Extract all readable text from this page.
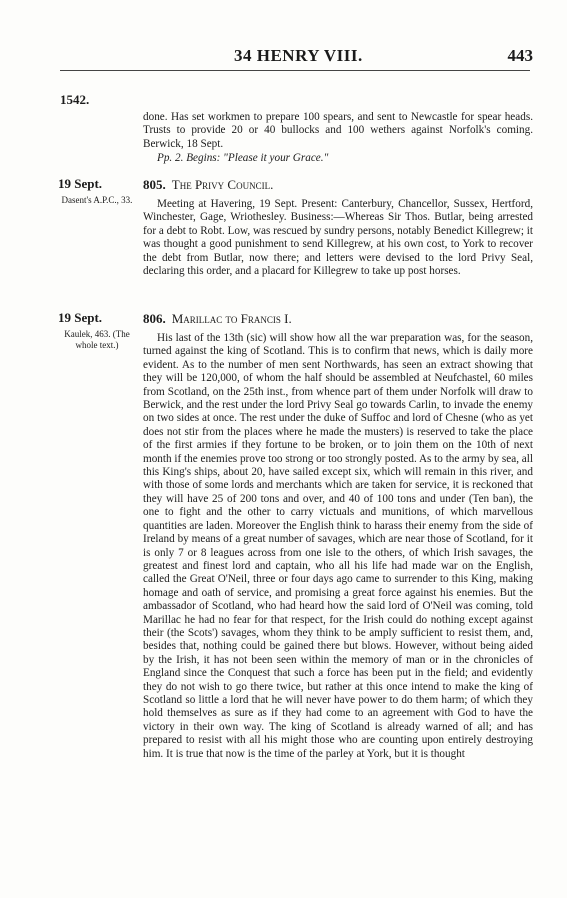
34 HENRY VIII.	443
1542.

done. Has set workmen to prepare 100 spears, and sent to Newcastle for spear heads. Trusts to provide 20 or 40 bullocks and 100 wethers against Norfolk's coming. Berwick, 18 Sept.

Pp. 2. Begins: "Please it your Grace."

19 Sept.
Dasent's A.P.C., 33.
805. The Privy Council.

Meeting at Havering, 19 Sept. Present: Canterbury, Chancellor, Sussex, Hertford, Winchester, Gage, Wriothesley. Business:—Whereas Sir Thos. Butlar, being arrested for a debt to Robt. Low, was rescued by sundry persons, notably Benedict Killegrew; it was thought a good punishment to send Killegrew, at his own cost, to York to recover the debt from Butlar, now there; and letters were devised to the lord Privy Seal, declaring this order, and a placard for Killegrew to take up post horses.

19 Sept.
Kaulek, 463. (The whole text.)
806. Marillac to Francis I.

His last of the 13th (sic) will show how all the war preparation was, for the season, turned against the king of Scotland. This is to confirm that news, which is daily more evident. As to the number of men sent Northwards, has seen an extract showing that they will be 120,000, of whom the half should be assembled at Neufchastel, 60 miles from Scotland, on the 25th inst., from whence part of them under Norfolk will draw to Berwick, and the rest under the lord Privy Seal go towards Carlin, to invade the enemy on two sides at once. The rest under the duke of Suffoc and lord of Chesne (who as yet does not stir from the places where he made the musters) is reserved to take the place of the first armies if they fortune to be broken, or to join them on the 10th of next month if the enemies prove too strong or too strongly posted. As to the army by sea, all this King's ships, about 20, have sailed except six, which will remain in this river, and with those of some lords and merchants which are taken for service, it is reckoned that they will have 25 of 200 tons and over, and 40 of 100 tons and under (Ten ban), the one to fight and the other to carry victuals and munitions, of which marvellous quantities are laden. Moreover the English think to harass their enemy from the side of Ireland by means of a great number of savages, which are near those of Scotland, for it is only 7 or 8 leagues across from one isle to the others, of which Irish savages, the greatest and finest lord and captain, who all his life had made war on the English, called the Great O'Neil, three or four days ago came to surrender to this King, making homage and oath of service, and promising a great force against his enemies. But the ambassador of Scotland, who had heard how the said lord of O'Neil was coming, told Marillac he had no fear for that respect, for the Irish could do nothing except against their (the Scots') savages, whom they think to be amply sufficient to resist them, and, besides that, nothing could be gained there but blows. However, without being aided by the Irish, it has not been seen within the memory of man or in the chronicles of England since the Conquest that such a force has been put in the field; and evidently they do not wish to go there twice, but rather at this once intend to make the king of Scotland so little a lord that he will never have power to do them harm; of which they hold themselves as sure as if they had come to an agreement with God to have the victory in their own way. The king of Scotland is already warned of all; and has prepared to resist with all his might those who are counting upon entirely destroying him. It is true that now is the time of the parley at York, but it is thought
